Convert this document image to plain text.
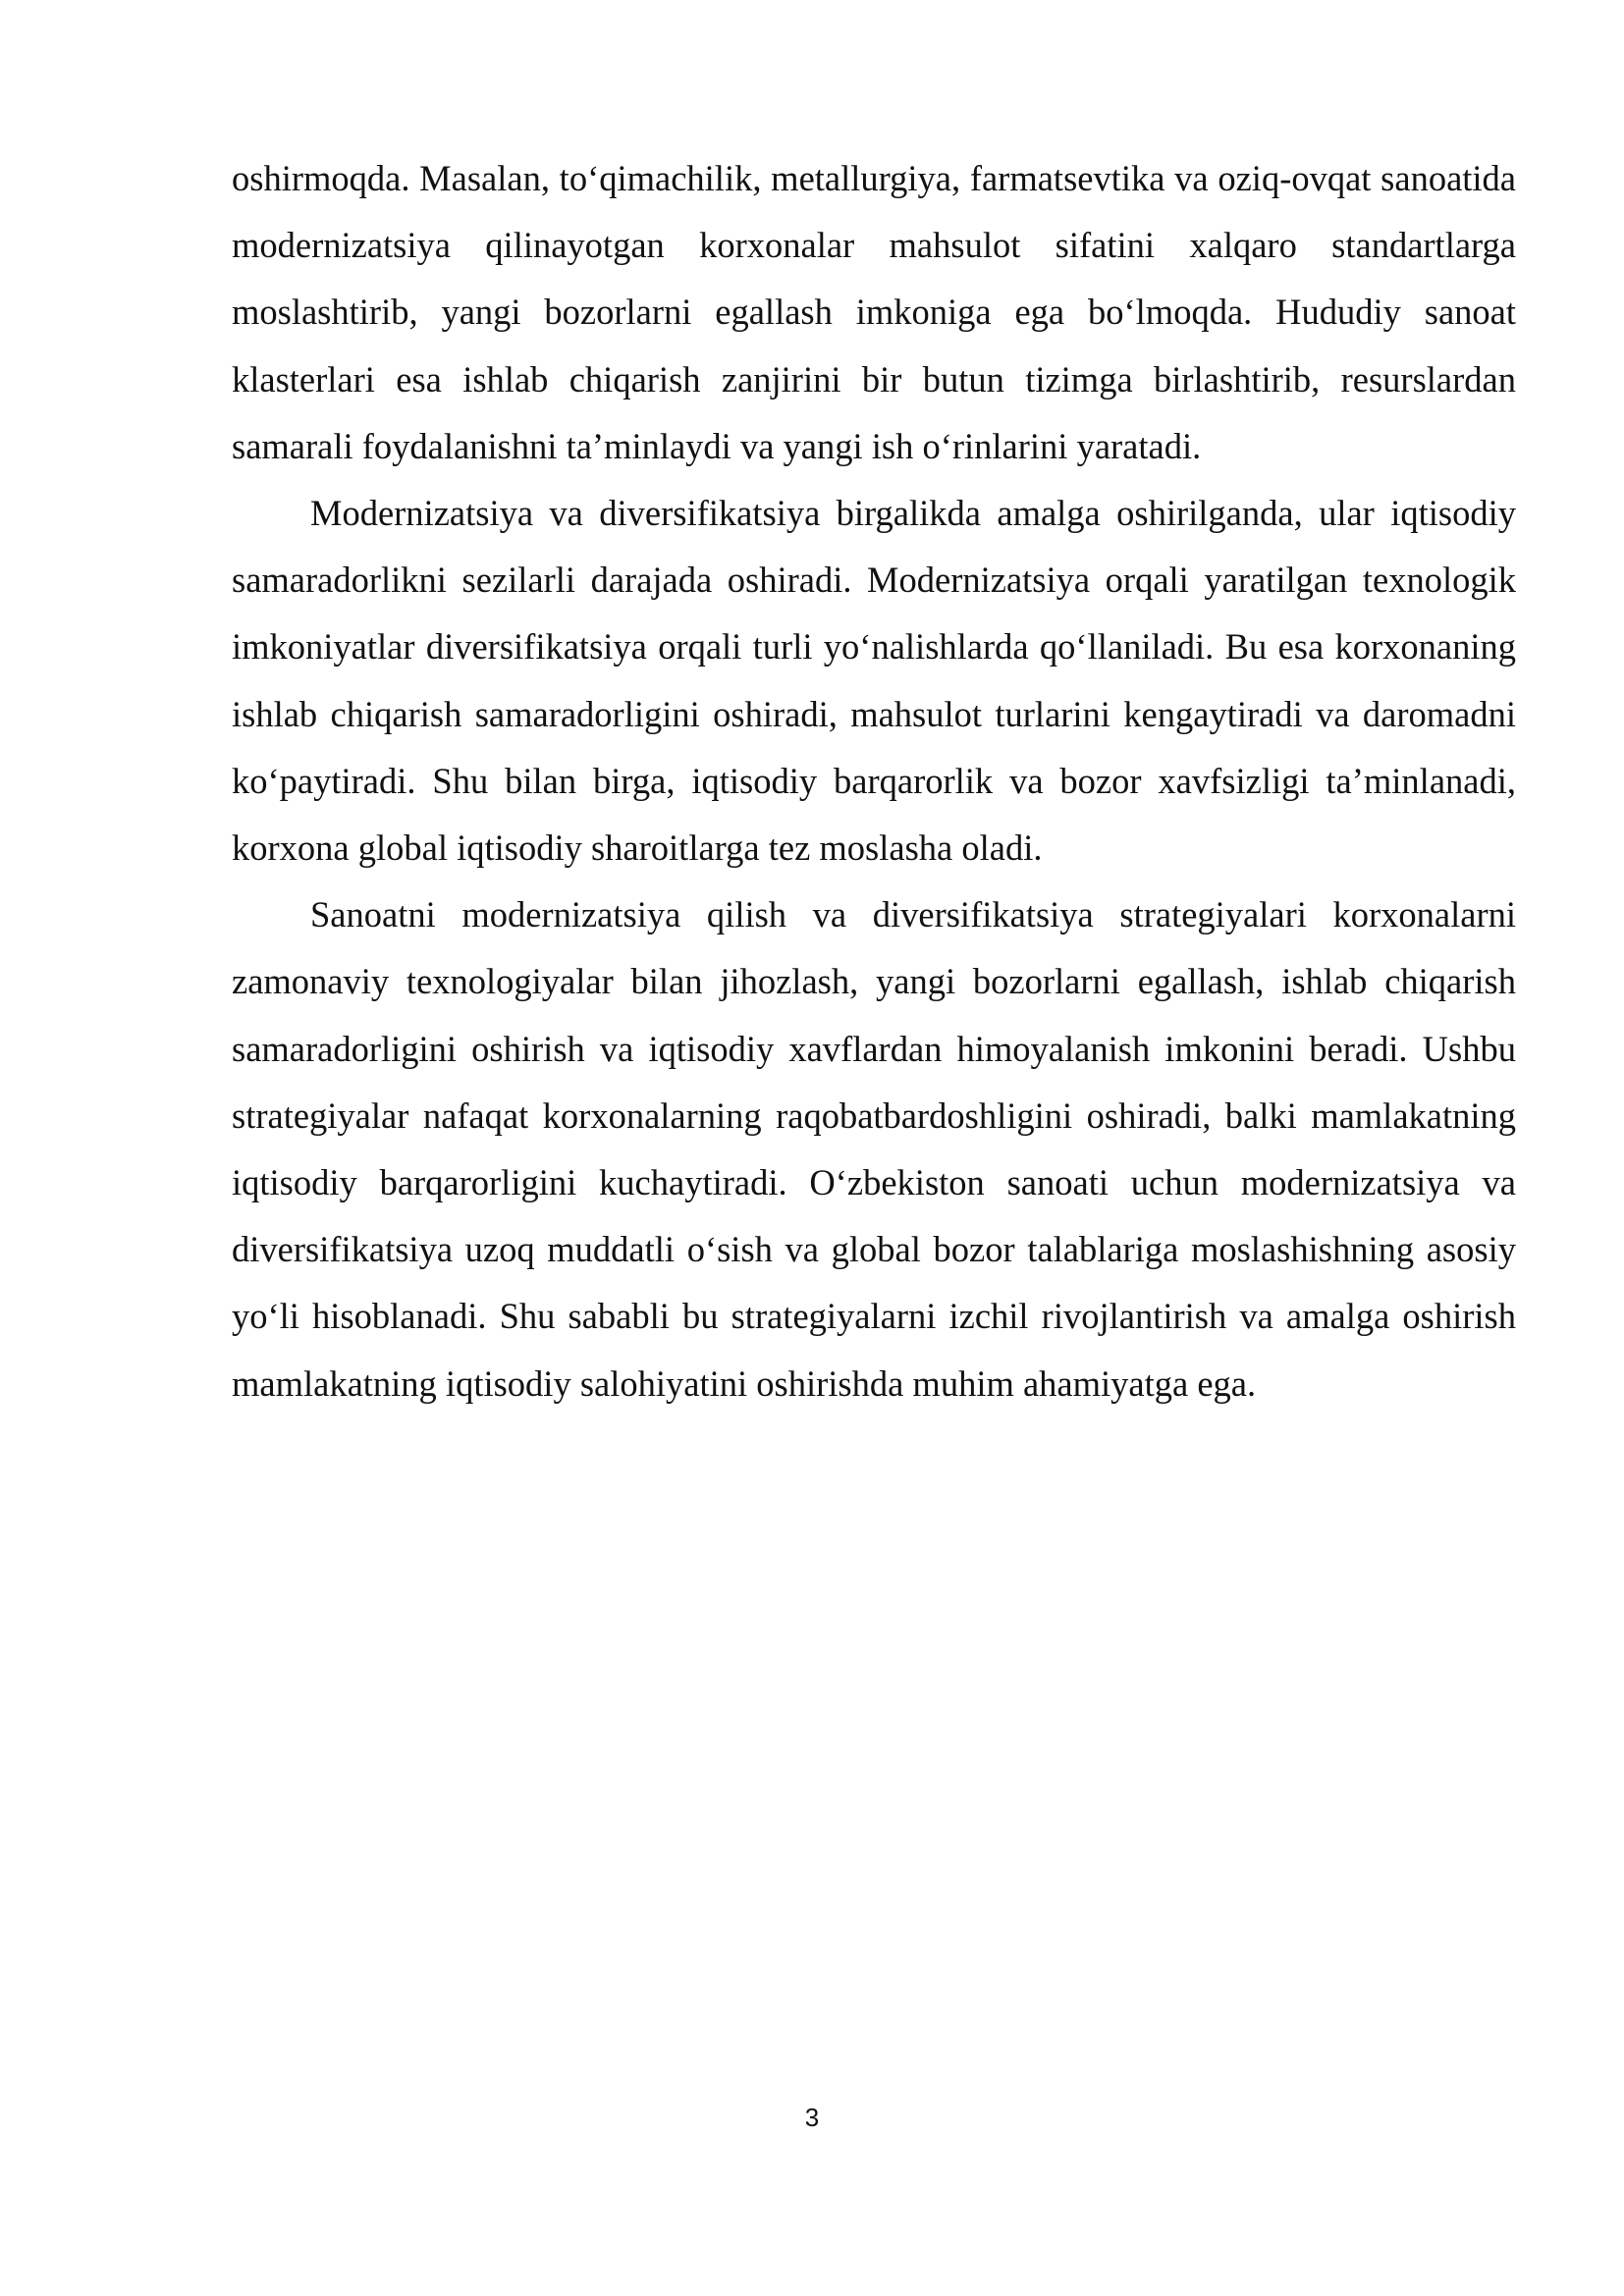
oshirmoqda. Masalan, to‘qimachilik, metallurgiya, farmatsevtika va oziq-ovqat sanoatida modernizatsiya qilinayotgan korxonalar mahsulot sifatini xalqaro standartlarga moslashtirib, yangi bozorlarni egallash imkoniga ega bo‘lmoqda. Hududiy sanoat klasterlari esa ishlab chiqarish zanjirini bir butun tizimga birlashtirib, resurslardan samarali foydalanishni ta’minlaydi va yangi ish o‘rinlarini yaratadi.

Modernizatsiya va diversifikatsiya birgalikda amalga oshirilganda, ular iqtisodiy samaradorlikni sezilarli darajada oshiradi. Modernizatsiya orqali yaratilgan texnologik imkoniyatlar diversifikatsiya orqali turli yo‘nalishlarda qo‘llaniladi. Bu esa korxonaning ishlab chiqarish samaradorligini oshiradi, mahsulot turlarini kengaytiradi va daromadni ko‘paytiradi. Shu bilan birga, iqtisodiy barqarorlik va bozor xavfsizligi ta’minlanadi, korxona global iqtisodiy sharoitlarga tez moslasha oladi.

Sanoatni modernizatsiya qilish va diversifikatsiya strategiyalari korxonalarni zamonaviy texnologiyalar bilan jihozlash, yangi bozorlarni egallash, ishlab chiqarish samaradorligini oshirish va iqtisodiy xavflardan himoyalanish imkonini beradi. Ushbu strategiyalar nafaqat korxonalarning raqobatbardoshligini oshiradi, balki mamlakatning iqtisodiy barqarorligini kuchaytiradi. O‘zbekiston sanoati uchun modernizatsiya va diversifikatsiya uzoq muddatli o‘sish va global bozor talablariga moslashishning asosiy yo‘li hisoblanadi. Shu sababli bu strategiyalarni izchil rivojlantirish va amalga oshirish mamlakatning iqtisodiy salohiyatini oshirishda muhim ahamiyatga ega.

3
